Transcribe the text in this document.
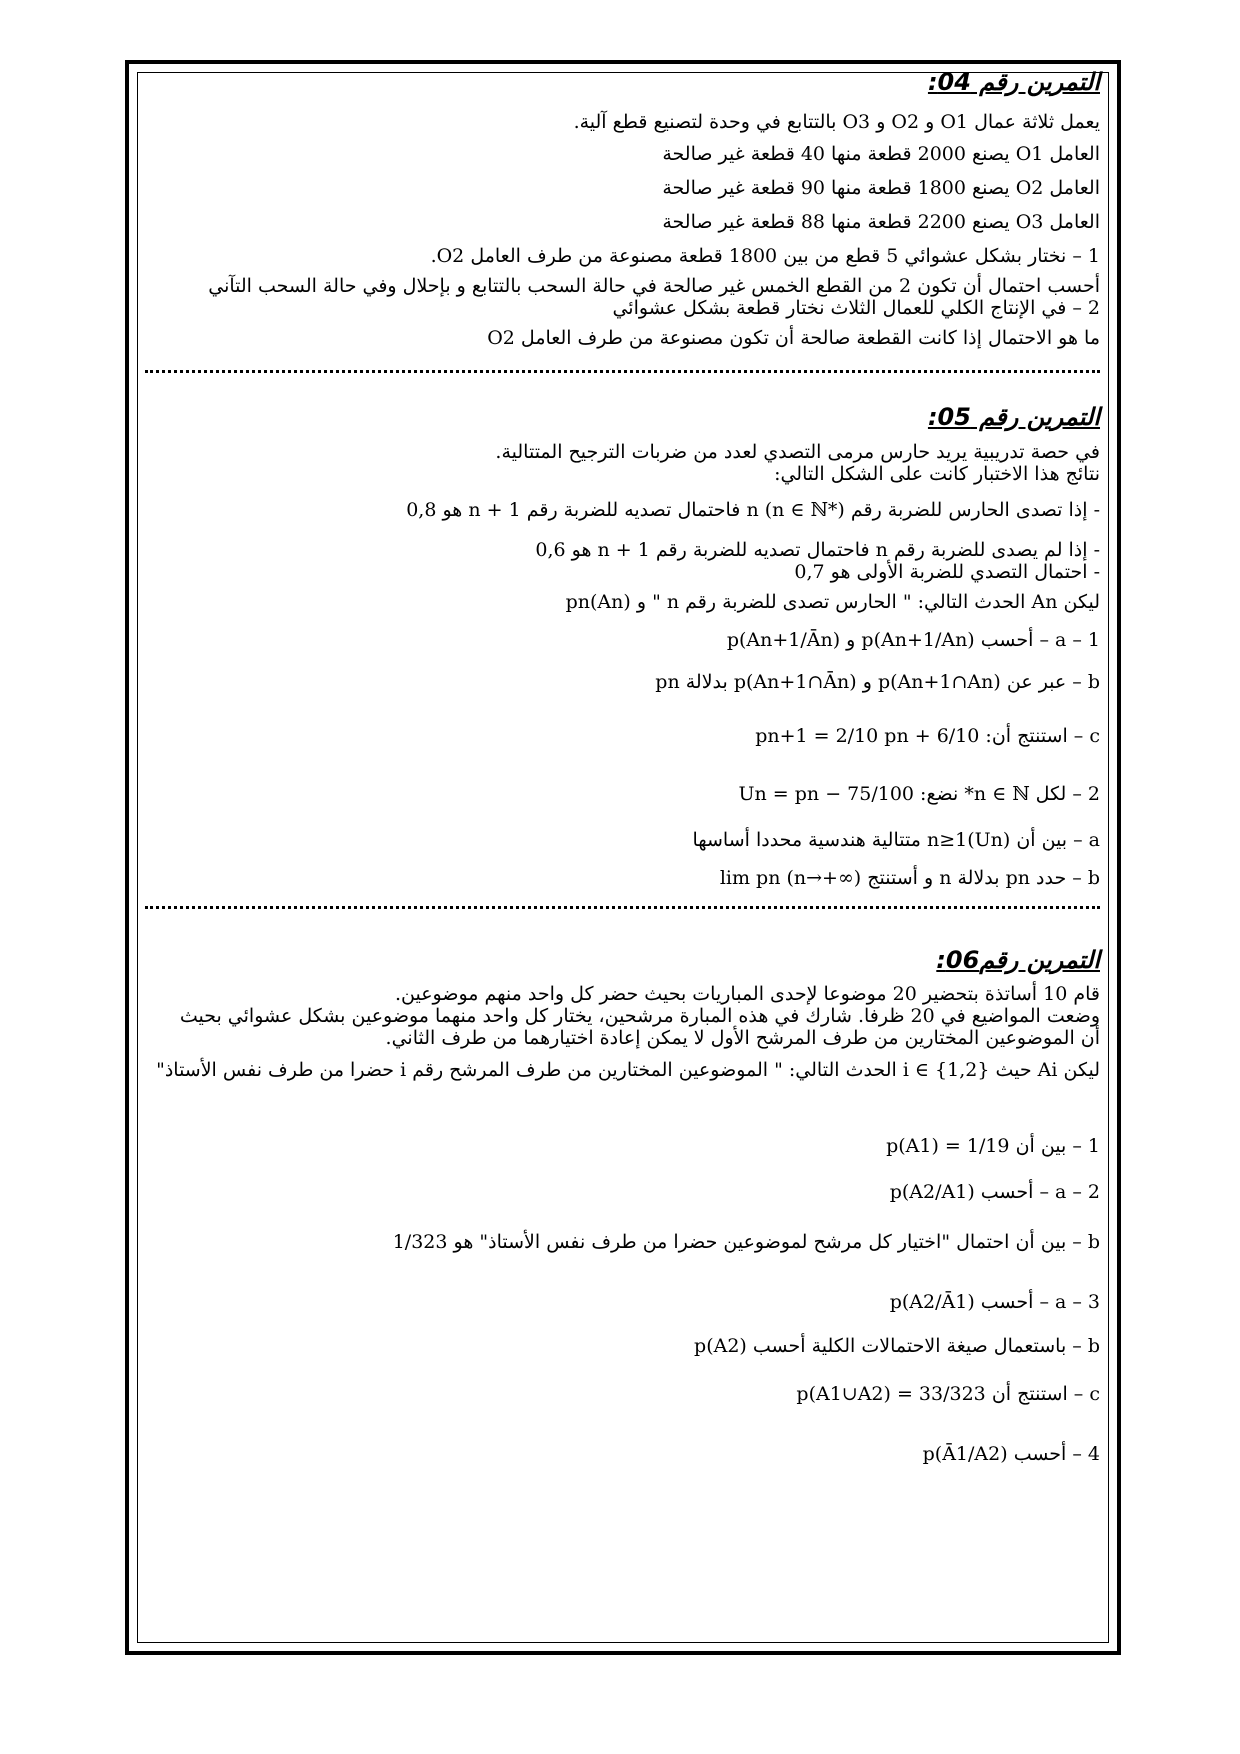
التمرين رقم 04:
يعمل ثلاثة عمال O1 و O2 و O3 بالتتابع في وحدة لتصنيع قطع آلية.
العامل O1 يصنع 2000 قطعة منها 40 قطعة غير صالحة
العامل O2 يصنع 1800 قطعة منها 90 قطعة غير صالحة
العامل O3 يصنع 2200 قطعة منها 88 قطعة غير صالحة
1 – نختار بشكل عشوائي 5 قطع من بين 1800 قطعة مصنوعة من طرف العامل O2.
أحسب احتمال أن تكون 2 من القطع الخمس غير صالحة في حالة السحب بالتتابع و بإحلال وفي حالة السحب التآني
2 – في الإنتاج الكلي للعمال الثلاث نختار قطعة بشكل عشوائي
ما هو الاحتمال إذا كانت القطعة صالحة أن تكون مصنوعة من طرف العامل O2
التمرين رقم 05:
في حصة تدريبية يريد حارس مرمى التصدي لعدد من ضربات الترجيح المتتالية.
نتائج هذا الاختبار كانت على الشكل التالي:
- إذا تصدى الحارس للضربة رقم n (n ∈ ℕ*) فاحتمال تصديه للضربة رقم n + 1 هو 0,8
- إذا لم يصدى للضربة رقم n فاحتمال تصديه للضربة رقم n + 1 هو 0,6
- احتمال التصدي للضربة الأولى هو 0,7
ليكن An الحدث التالي: " الحارس تصدى للضربة رقم n " و pn(An)
1 – a – أحسب p(An+1/An) و p(An+1/Ān)
b – عبر عن p(An+1∩An) و p(An+1∩Ān) بدلالة pn
c – استنتج أن: pn+1 = 2/10 pn + 6/10
2 – لكل n ∈ ℕ* نضع: Un = pn − 75/100
a – بين أن (Un)n≥1 متتالية هندسية محددا أساسها
b – حدد pn بدلالة n و أستنتج lim pn (n→+∞)
التمرين رقم06:
قام 10 أساتذة بتحضير 20 موضوعا لإحدى المباريات بحيث حضر كل واحد منهم موضوعين.
وضعت المواضيع في 20 ظرفا. شارك في هذه المبارة مرشحين، يختار كل واحد منهما موضوعين بشكل عشوائي بحيث
أن الموضوعين المختارين من طرف المرشح الأول لا يمكن إعادة اختيارهما من طرف الثاني.
ليكن Ai حيث i ∈ {1,2} الحدث التالي: " الموضوعين المختارين من طرف المرشح رقم i حضرا من طرف نفس الأستاذ"
1 – بين أن p(A1) = 1/19
2 – a – أحسب p(A2/A1)
b – بين أن احتمال "اختيار كل مرشح لموضوعين حضرا من طرف نفس الأستاذ" هو 1/323
3 – a – أحسب p(A2/Ā1)
b – باستعمال صيغة الاحتمالات الكلية أحسب p(A2)
c – استنتج أن p(A1∪A2) = 33/323
4 – أحسب p(Ā1/A2)
